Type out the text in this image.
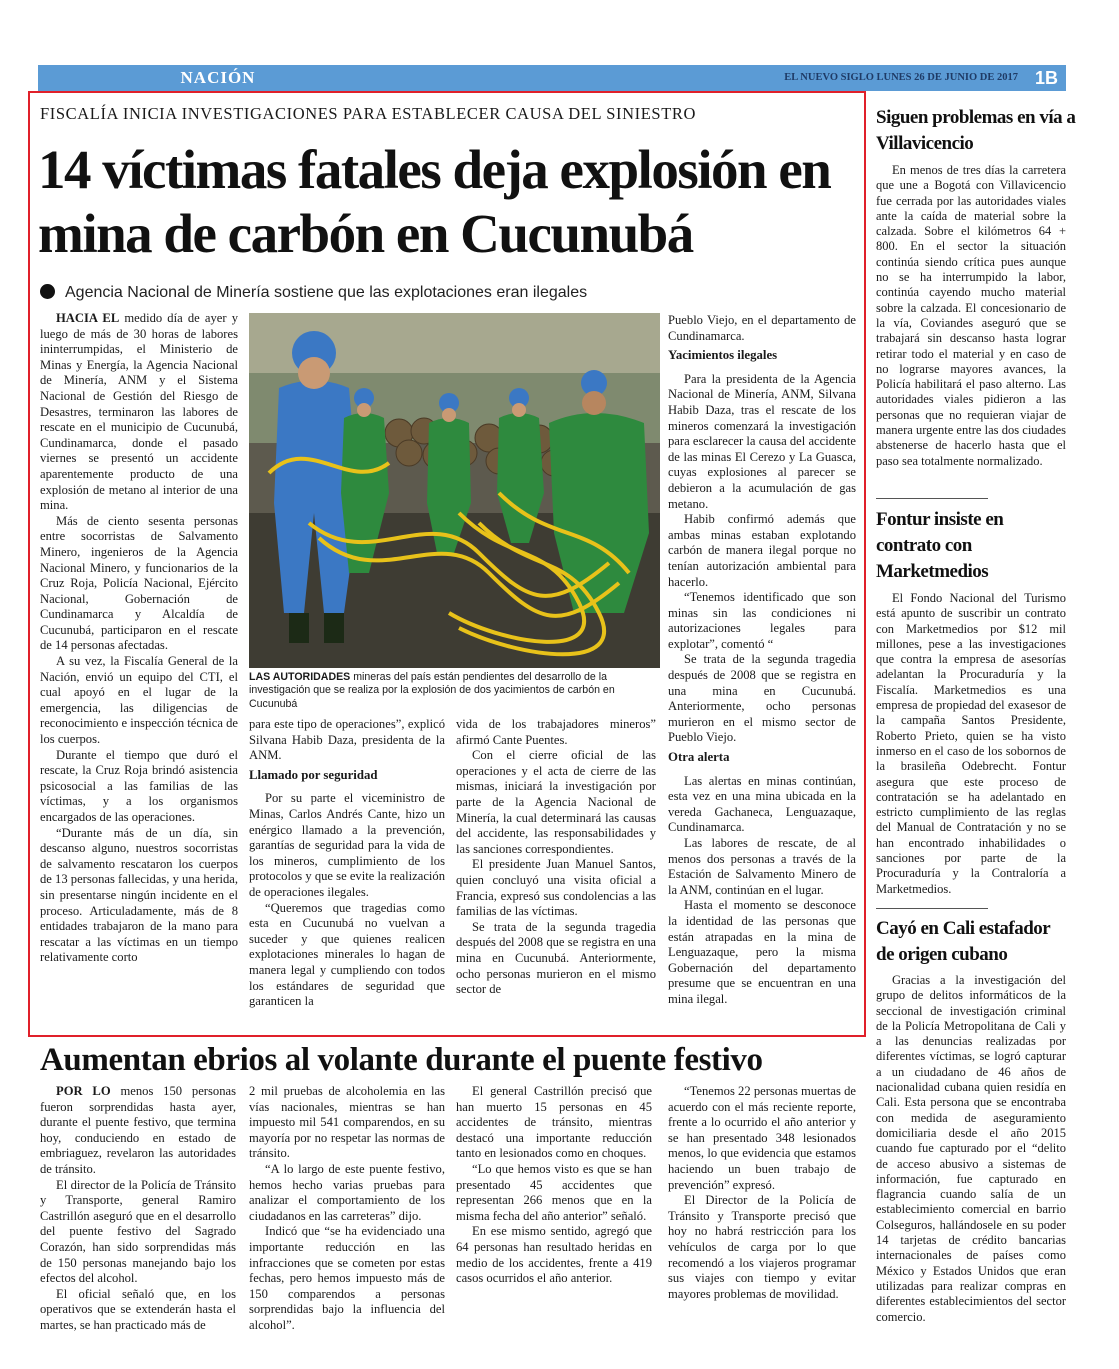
NACIÓN	EL NUEVO SIGLO LUNES 26 DE JUNIO DE 2017 1B
FISCALÍA INICIA INVESTIGACIONES PARA ESTABLECER CAUSA DEL SINIESTRO
14 víctimas fatales deja explosión en mina de carbón en Cucunubá
Agencia Nacional de Minería sostiene que las explotaciones eran ilegales

HACIA EL medido día de ayer y luego de más de 30 horas de labores ininterrumpidas, el Ministerio de Minas y Energía, la Agencia Nacional de Minería, ANM y el Sistema Nacional de Gestión del Riesgo de Desastres, terminaron las labores de rescate en el municipio de Cucunubá, Cundinamarca, donde el pasado viernes se presentó un accidente aparentemente producto de una explosión de metano al interior de una mina.

Más de ciento sesenta personas entre socorristas de Salvamento Minero, ingenieros de la Agencia Nacional Minero, y funcionarios de la Cruz Roja, Policía Nacional, Ejército Nacional, Gobernación de Cundinamarca y Alcaldía de Cucunubá, participaron en el rescate de 14 personas afectadas.

A su vez, la Fiscalía General de la Nación, envió un equipo del CTI, el cual apoyó en el lugar de la emergencia, las diligencias de reconocimiento e inspección técnica de los cuerpos.

Durante el tiempo que duró el rescate, la Cruz Roja brindó asistencia psicosocial a las familias de las víctimas, y a los organismos encargados de las operaciones.

“Durante más de un día, sin descanso alguno, nuestros socorristas de salvamento rescataron los cuerpos de 13 personas fallecidas, y una herida, sin presentarse ningún incidente en el proceso. Articuladamente, más de 8 entidades trabajaron de la mano para rescatar a las víctimas en un tiempo relativamente corto

LAS AUTORIDADES mineras del país están pendientes del desarrollo de la investigación que se realiza por la explosión de dos yacimientos de carbón en Cucunubá

para este tipo de operaciones”, explicó Silvana Habib Daza, presidenta de la ANM.

Llamado por seguridad

Por su parte el viceministro de Minas, Carlos Andrés Cante, hizo un enérgico llamado a la prevención, garantías de seguridad para la vida de los mineros, cumplimiento de los protocolos y que se evite la realización de operaciones ilegales.

“Queremos que tragedias como esta en Cucunubá no vuelvan a suceder y que quienes realicen explotaciones minerales lo hagan de manera legal y cumpliendo con todos los estándares de seguridad que garanticen la

vida de los trabajadores mineros” afirmó Cante Puentes.

Con el cierre oficial de las operaciones y el acta de cierre de las mismas, iniciará la investigación por parte de la Agencia Nacional de Minería, la cual determinará las causas del accidente, las responsabilidades y las sanciones correspondientes.

El presidente Juan Manuel Santos, quien concluyó una visita oficial a Francia, expresó sus condolencias a las familias de las víctimas.

Se trata de la segunda tragedia después del 2008 que se registra en una mina en Cucunubá. Anteriormente, ocho personas murieron en el mismo sector de

Pueblo Viejo, en el departamento de Cundinamarca.

Yacimientos ilegales

Para la presidenta de la Agencia Nacional de Minería, ANM, Silvana Habib Daza, tras el rescate de los mineros comenzará la investigación para esclarecer la causa del accidente de las minas El Cerezo y La Guasca, cuyas explosiones al parecer se debieron a la acumulación de gas metano.

Habib confirmó además que ambas minas estaban explotando carbón de manera ilegal porque no tenían autorización ambiental para hacerlo.

“Tenemos identificado que son minas sin las condiciones ni autorizaciones legales para explotar”, comentó “

Se trata de la segunda tragedia después de 2008 que se registra en una mina en Cucunubá. Anteriormente, ocho personas murieron en el mismo sector de Pueblo Viejo.

Otra alerta

Las alertas en minas continúan, esta vez en una mina ubicada en la vereda Gachaneca, Lenguazaque, Cundinamarca.

Las labores de rescate, de al menos dos personas a través de la Estación de Salvamento Minero de la ANM, continúan en el lugar.

Hasta el momento se desconoce la identidad de las personas que están atrapadas en la mina de Lenguazaque, pero la misma Gobernación del departamento presume que se encuentran en una mina ilegal.

Siguen problemas en vía a Villavicencio

En menos de tres días la carretera que une a Bogotá con Villavicencio fue cerrada por las autoridades viales ante la caída de material sobre la calzada. Sobre el kilómetros 64 + 800. En el sector la situación continúa siendo crítica pues aunque no se ha interrumpido la labor, continúa cayendo mucho material sobre la calzada. El concesionario de la vía, Coviandes aseguró que se trabajará sin descanso hasta lograr retirar todo el material y en caso de no lograrse mayores avances, la Policía habilitará el paso alterno. Las autoridades viales pidieron a las personas que no requieran viajar de manera urgente entre las dos ciudades abstenerse de hacerlo hasta que el paso sea totalmente normalizado.

Fontur insiste en contrato con Marketmedios

El Fondo Nacional del Turismo está apunto de suscribir un contrato con Marketmedios por $12 mil millones, pese a las investigaciones que contra la empresa de asesorías adelantan la Procuraduría y la Fiscalía. Marketmedios es una empresa de propiedad del exasesor de la campaña Santos Presidente, Roberto Prieto, quien se ha visto inmerso en el caso de los sobornos de la brasileña Odebrecht. Fontur asegura que este proceso de contratación se ha adelantado en estricto cumplimiento de las reglas del Manual de Contratación y no se han encontrado inhabilidades o sanciones por parte de la Procuraduría y la Contraloría a Marketmedios.

Cayó en Cali estafador de origen cubano

Gracias a la investigación del grupo de delitos informáticos de la seccional de investigación criminal de la Policía Metropolitana de Cali y a las denuncias realizadas por diferentes víctimas, se logró capturar a un ciudadano de 46 años de nacionalidad cubana quien residía en Cali. Esta persona que se encontraba con medida de aseguramiento domiciliaria desde el año 2015 cuando fue capturado por el “delito de acceso abusivo a sistemas de información, fue capturado en flagrancia cuando salía de un establecimiento comercial en barrio Colseguros, hallándosele en su poder 14 tarjetas de crédito bancarias internacionales de países como México y Estados Unidos que eran utilizadas para realizar compras en diferentes establecimientos del sector comercio.

Aumentan ebrios al volante durante el puente festivo

POR LO menos 150 personas fueron sorprendidas hasta ayer, durante el puente festivo, que termina hoy, conduciendo en estado de embriaguez, revelaron las autoridades de tránsito.

El director de la Policía de Tránsito y Transporte, general Ramiro Castrillón aseguró que en el desarrollo del puente festivo del Sagrado Corazón, han sido sorprendidas más de 150 personas manejando bajo los efectos del alcohol.

El oficial señaló que, en los operativos que se extenderán hasta el martes, se han practicado más de

2 mil pruebas de alcoholemia en las vías nacionales, mientras se han impuesto mil 541 comparendos, en su mayoría por no respetar las normas de tránsito.

“A lo largo de este puente festivo, hemos hecho varias pruebas para analizar el comportamiento de los ciudadanos en las carreteras” dijo.

Indicó que “se ha evidenciado una importante reducción en las infracciones que se cometen por estas fechas, pero hemos impuesto más de 150 comparendos a personas sorprendidas bajo la influencia del alcohol”.

El general Castrillón precisó que han muerto 15 personas en 45 accidentes de tránsito, mientras destacó una importante reducción tanto en lesionados como en choques.

“Lo que hemos visto es que se han presentado 45 accidentes que representan 266 menos que en la misma fecha del año anterior” señaló.

En ese mismo sentido, agregó que 64 personas han resultado heridas en medio de los accidentes, frente a 419 casos ocurridos el año anterior.

“Tenemos 22 personas muertas de acuerdo con el más reciente reporte, frente a lo ocurrido el año anterior y se han presentado 348 lesionados menos, lo que evidencia que estamos haciendo un buen trabajo de prevención” expresó.

El Director de la Policía de Tránsito y Transporte precisó que hoy no habrá restricción para los vehículos de carga por lo que recomendó a los viajeros programar sus viajes con tiempo y evitar mayores problemas de movilidad.
